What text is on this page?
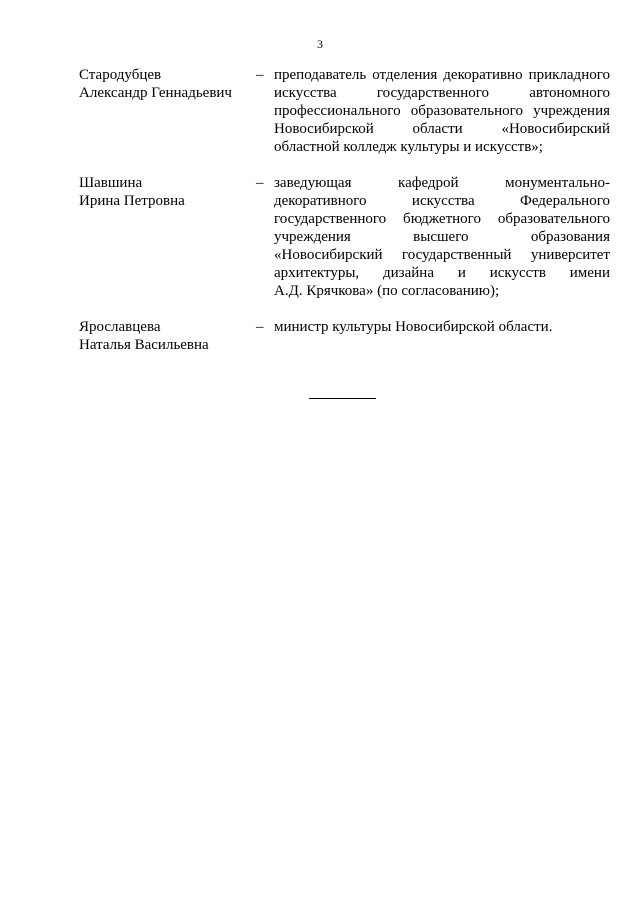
3
Стародубцев
Александр Геннадьевич
– преподаватель отделения декоративно прикладного
искусства государственного автономного
профессионального образовательного учреждения
Новосибирской области «Новосибирский
областной колледж культуры и искусств»;
Шавшина
Ирина Петровна
– заведующая кафедрой монументально-
декоративного искусства Федерального
государственного бюджетного образовательного
учреждения высшего образования
«Новосибирский государственный университет
архитектуры, дизайна и искусств имени
А.Д. Крячкова» (по согласованию);
Ярославцева
Наталья Васильевна
– министр культуры Новосибирской области.
